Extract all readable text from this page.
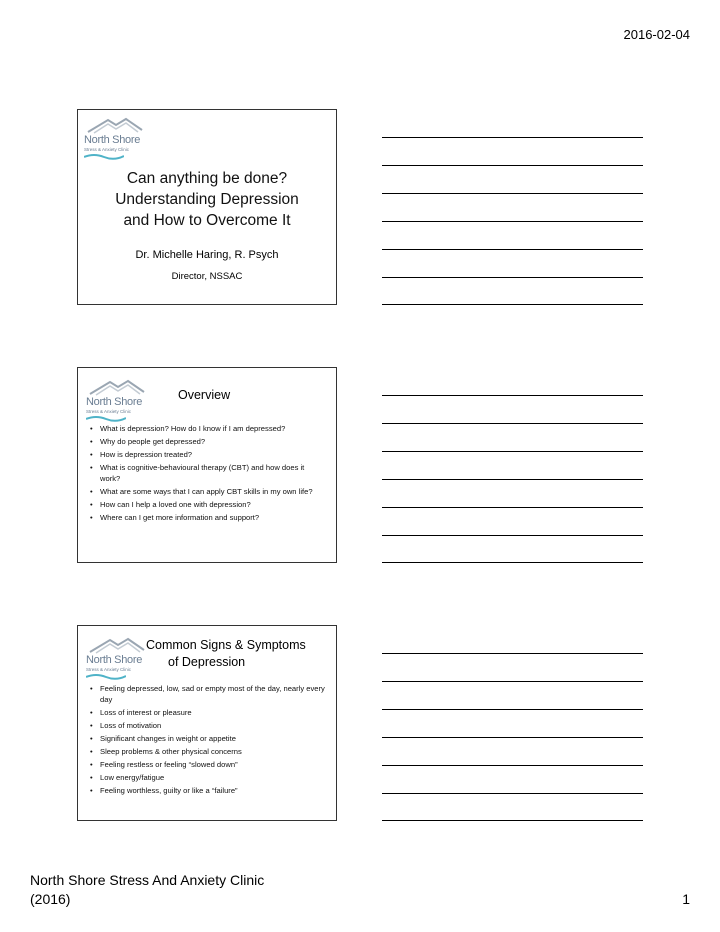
2016-02-04
North Shore
Stress & Anxiety Clinic
Can anything be done?
Understanding Depression
and How to Overcome It
Dr. Michelle Haring, R. Psych
Director, NSSAC
North Shore
Stress & Anxiety Clinic
Overview
• What is depression? How do I know if I am depressed?
• Why do people get depressed?
• How is depression treated?
• What is cognitive-behavioural therapy (CBT) and how does it work?
• What are some ways that I can apply CBT skills in my own life?
• How can I help a loved one with depression?
• Where can I get more information and support?
North Shore
Stress & Anxiety Clinic
Common Signs & Symptoms
of Depression
• Feeling depressed, low, sad or empty most of the day, nearly every day
• Loss of interest or pleasure
• Loss of motivation
• Significant changes in weight or appetite
• Sleep problems & other physical concerns
• Feeling restless or feeling “slowed down”
• Low energy/fatigue
• Feeling worthless, guilty or like a “failure”
North Shore Stress And Anxiety Clinic
(2016)	1
